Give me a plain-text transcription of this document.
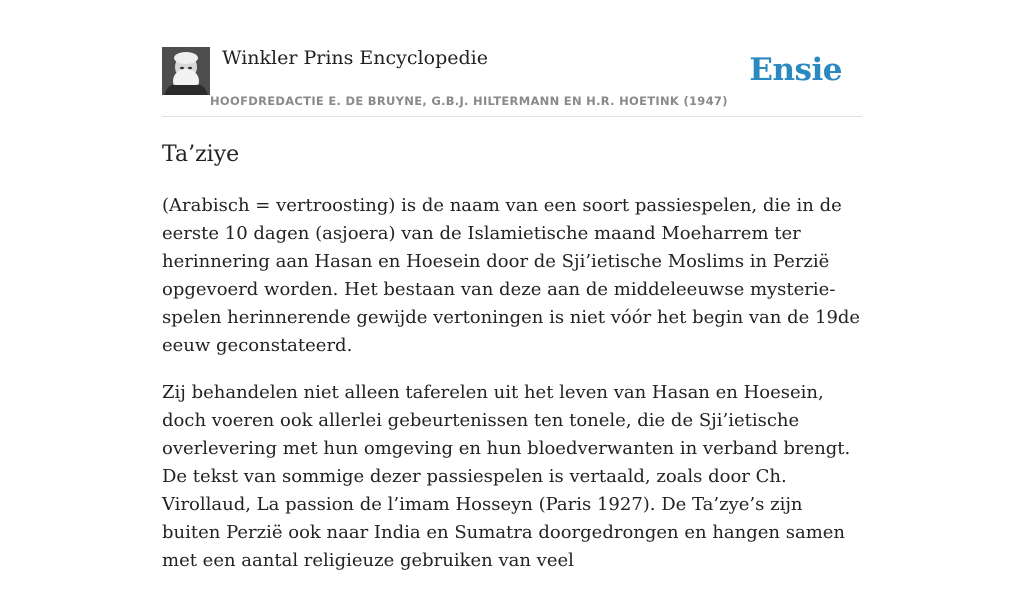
Winkler Prins Encyclopedie
HOOFDREDACTIE E. DE BRUYNE, G.B.J. HILTERMANN EN H.R. HOETINK (1947)
Ensie
Ta’ziye

(Arabisch = vertroosting) is de naam van een soort passiespelen, die in de eerste 10 dagen (asjoera) van de Islamietische maand Moeharrem ter herinnering aan Hasan en Hoesein door de Sji’ietische Moslims in Perzië opgevoerd worden. Het bestaan van deze aan de middeleeuwse mysterie-spelen herinnerende gewijde vertoningen is niet vóór het begin van de 19de eeuw geconstateerd.

Zij behandelen niet alleen taferelen uit het leven van Hasan en Hoesein, doch voeren ook allerlei gebeurtenissen ten tonele, die de Sji’ietische overlevering met hun omgeving en hun bloedverwanten in verband brengt. De tekst van sommige dezer passiespelen is vertaald, zoals door Ch. Virollaud, La passion de l’imam Hosseyn (Paris 1927). De Ta’zye’s zijn buiten Perzië ook naar India en Sumatra doorgedrongen en hangen samen met een aantal religieuze gebruiken van veel
